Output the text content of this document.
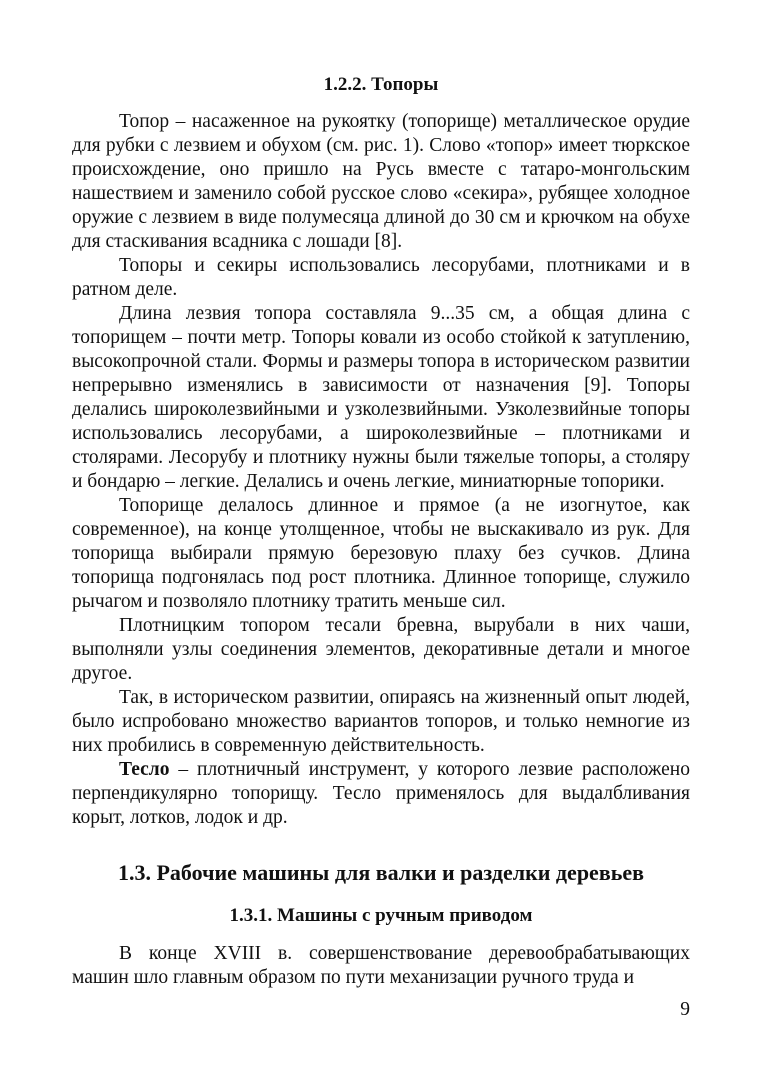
1.2.2. Топоры

Топор – насаженное на рукоятку (топорище) металлическое орудие для рубки с лезвием и обухом (см. рис. 1). Слово «топор» имеет тюркское происхождение, оно пришло на Русь вместе с татаро-монгольским нашествием и заменило собой русское слово «секира», рубящее холодное оружие с лезвием в виде полумесяца длиной до 30 см и крючком на обухе для стаскивания всадника с лошади [8].

Топоры и секиры использовались лесорубами, плотниками и в ратном деле.

Длина лезвия топора составляла 9...35 см, а общая длина с топорищем – почти метр. Топоры ковали из особо стойкой к затуплению, высокопрочной стали. Формы и размеры топора в историческом развитии непрерывно изменялись в зависимости от назначения [9]. Топоры делались широколезвийными и узколезвийными. Узколезвийные топоры использовались лесорубами, а широколезвийные – плотниками и столярами. Лесорубу и плотнику нужны были тяжелые топоры, а столяру и бондарю – легкие. Делались и очень легкие, миниатюрные топорики.

Топорище делалось длинное и прямое (а не изогнутое, как современное), на конце утолщенное, чтобы не выскакивало из рук. Для топорища выбирали прямую березовую плаху без сучков. Длина топорища подгонялась под рост плотника. Длинное топорище, служило рычагом и позволяло плотнику тратить меньше сил.

Плотницким топором тесали бревна, вырубали в них чаши, выполняли узлы соединения элементов, декоративные детали и многое другое.

Так, в историческом развитии, опираясь на жизненный опыт людей, было испробовано множество вариантов топоров, и только немногие из них пробились в современную действительность.

Тесло – плотничный инструмент, у которого лезвие расположено перпендикулярно топорищу. Тесло применялось для выдалбливания корыт, лотков, лодок и др.

1.3. Рабочие машины для валки и разделки деревьев
1.3.1. Машины с ручным приводом

В конце XVIII в. совершенствование деревообрабатывающих машин шло главным образом по пути механизации ручного труда и

9
